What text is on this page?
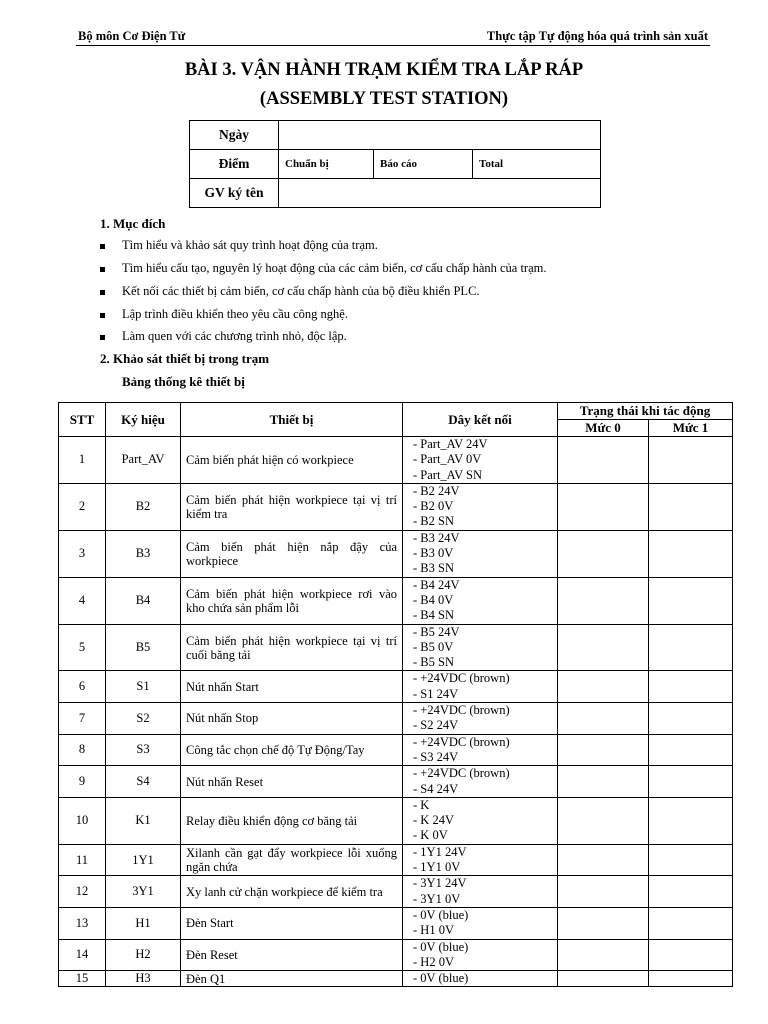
Bộ môn Cơ Điện Tử	Thực tập Tự động hóa quá trình sản xuất
BÀI 3. VẬN HÀNH TRẠM KIỂM TRA LẮP RÁP
(ASSEMBLY TEST STATION)
Ngày			
Điểm	Chuẩn bị	Báo cáo	Total
GV ký tên			
1. Mục đích
Tìm hiểu và khảo sát quy trình hoạt động của trạm.
Tìm hiểu cấu tạo, nguyên lý hoạt động của các cảm biến, cơ cấu chấp hành của trạm.
Kết nối các thiết bị cảm biến, cơ cấu chấp hành của bộ điều khiển PLC.
Lập trình điều khiển theo yêu cầu công nghệ.
Làm quen với các chương trình nhỏ, độc lập.
2. Khảo sát thiết bị trong trạm
Bảng thống kê thiết bị
STT	Ký hiệu	Thiết bị	Dây kết nối	Trạng thái khi tác động	
				Mức 0	Mức 1
1	Part_AV	Cảm biến phát hiện có workpiece	- Part_AV 24V
- Part_AV 0V
- Part_AV SN		

2	B2	Cảm biến phát hiện workpiece tại vị trí kiểm tra	- B2 24V
- B2 0V
- B2 SN		

3	B3	Cảm biến phát hiện nắp đậy của workpiece	- B3 24V
- B3 0V
- B3 SN		

4	B4	Cảm biến phát hiện workpiece rơi vào kho chứa sản phẩm lỗi	- B4 24V
- B4 0V
- B4 SN		

5	B5	Cảm biến phát hiện workpiece tại vị trí cuối băng tải	- B5 24V
- B5 0V
- B5 SN		

6	S1	Nút nhấn Start	- +24VDC (brown)
- S1 24V		

7	S2	Nút nhấn Stop	- +24VDC (brown)
- S2 24V		

8	S3	Công tắc chọn chế độ Tự Động/Tay	- +24VDC (brown)
- S3 24V		

9	S4	Nút nhấn Reset	- +24VDC (brown)
- S4 24V		

10	K1	Relay điều khiển động cơ băng tải	- K
- K 24V
- K 0V		

11	1Y1	Xilanh cần gạt đẩy workpiece lỗi xuống ngăn chứa	- 1Y1 24V
- 1Y1 0V		

12	3Y1	Xy lanh cử chặn workpiece để kiểm tra	- 3Y1 24V
- 3Y1 0V		

13	H1	Đèn Start	- 0V (blue)
- H1 0V		

14	H2	Đèn Reset	- 0V (blue)
- H2 0V		

15	H3	Đèn Q1	- 0V (blue)		
